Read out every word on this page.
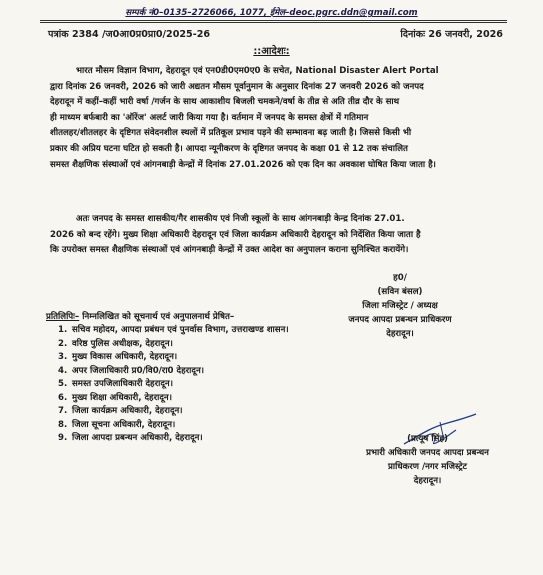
सम्पर्क नं0–0135–2726066, 1077, ईमेल–deoc.pgrc.ddn@gmail.com
पत्रांक 2384 /ज0आ0प्र0प्रा0/2025-26	दिनांकः 26 जनवरी, 2026
::आदेशः:
भारत मौसम विज्ञान विभाग, देहरादून एवं एन0डी0एम0ए0 के सचेत, National Disaster Alert Portal
द्वारा दिनांक 26 जनवरी, 2026 को जारी अद्यतन मौसम पूर्वानुमान के अनुसार दिनांक 27 जनवरी 2026 को जनपद
देहरादून में कहीं–कहीं भारी वर्षा /गर्जन के साथ आकाशीय बिजली चमकने/वर्षा के तीव्र से अति तीव्र दौर के साथ
ही माध्यम बर्फबारी का 'ऑरेंज' अलर्ट जारी किया गया है। वर्तमान में जनपद के समस्त क्षेत्रों में गतिमान
शीतलहर/शीतलहर के दृष्टिगत संवेदनशील स्थलों में प्रतिकूल प्रभाव पड़ने की सम्भावना बढ़ जाती है। जिससे किसी भी
प्रकार की अप्रिय घटना घटित हो सकती है। आपदा न्यूनीकरण के दृष्टिगत जनपद के कक्षा 01 से 12 तक संचालित
समस्त शैक्षणिक संस्थाओं एवं आंगनबाड़ी केन्द्रों में दिनांक 27.01.2026 को एक दिन का अवकाश घोषित किया जाता है।
अतः जनपद के समस्त शासकीय/गैर शासकीय एवं निजी स्कूलों के साथ आंगनबाड़ी केन्द्र दिनांक 27.01.
2026 को बन्द रहेंगे। मुख्य शिक्षा अधिकारी देहरादून एवं जिला कार्यक्रम अधिकारी देहरादून को निर्देशित किया जाता है
कि उपरोक्त समस्त शैक्षणिक संस्थाओं एवं आंगनबाड़ी केन्द्रों में उक्त आदेश का अनुपालन कराना सुनिश्चित करायेंगे।
ह0/
(सविन बंसल)
जिला मजिस्ट्रेट / अध्यक्ष
जनपद आपदा प्रबन्धन प्राधिकरण
देहरादून।
प्रतिलिपिः– निम्नलिखित को सूचनार्थ एवं अनुपालनार्थ प्रेषित–
1. सचिव महोदय, आपदा प्रबंधन एवं पुनर्वास विभाग, उत्तराखण्ड शासन।
2. वरिष्ठ पुलिस अधीक्षक, देहरादून।
3. मुख्य विकास अधिकारी, देहरादून।
4. अपर जिलाधिकारी प्र0/वि0/रा0 देहरादून।
5. समस्त उपजिलाधिकारी देहरादून।
6. मुख्य शिक्षा अधिकारी, देहरादून।
7. जिला कार्यक्रम अधिकारी, देहरादून।
8. जिला सूचना अधिकारी, देहरादून।
9. जिला आपदा प्रबन्धन अधिकारी, देहरादून।	(प्रत्यूष सिंह)
प्रभारी अधिकारी जनपद आपदा प्रबन्धन
प्राधिकरण /नगर मजिस्ट्रेट
देहरादून।
